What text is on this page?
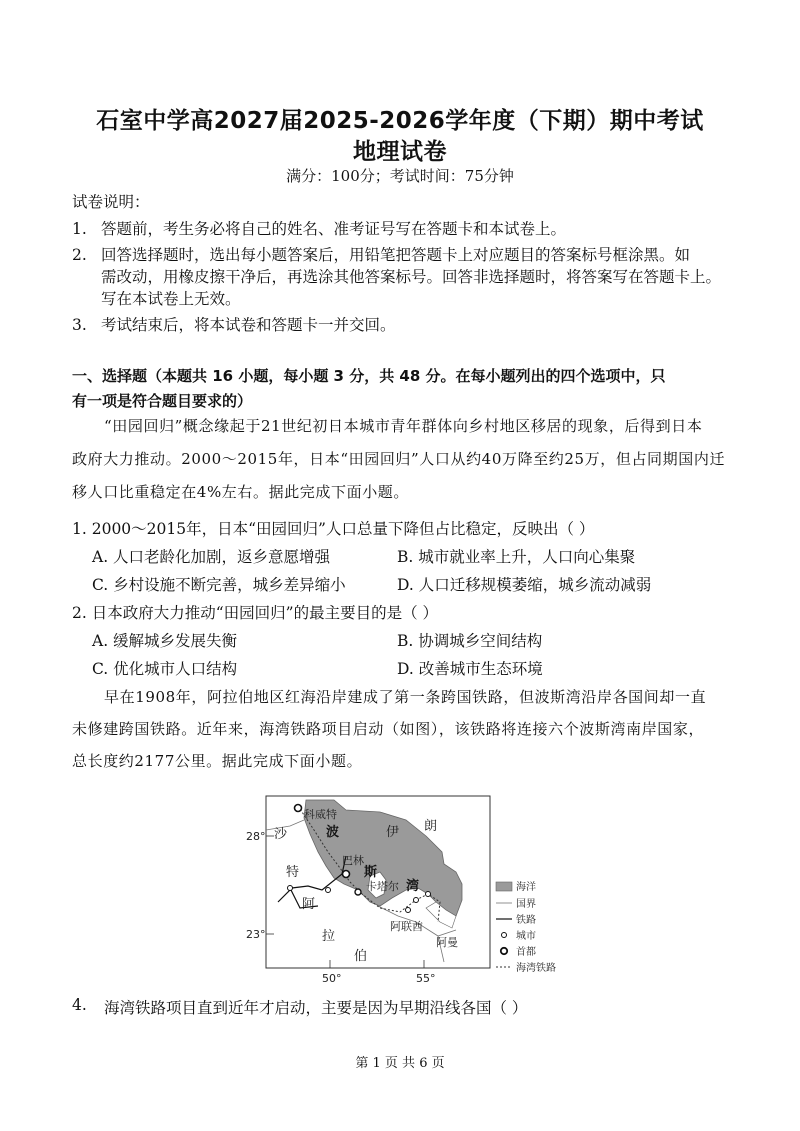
石室中学高2027届2025-2026学年度（下期）期中考试
地理试卷
满分：100分；考试时间：75分钟
试卷说明：
1. 答题前，考生务必将自己的姓名、准考证号写在答题卡和本试卷上。
2. 回答选择题时，选出每小题答案后，用铅笔把答题卡上对应题目的答案标号框涂黑。如
需改动，用橡皮擦干净后，再选涂其他答案标号。回答非选择题时，将答案写在答题卡上。
写在本试卷上无效。
3. 考试结束后，将本试卷和答题卡一并交回。
一、选择题（本题共 16 小题，每小题 3 分，共 48 分。在每小题列出的四个选项中，只
有一项是符合题目要求的）
“田园回归”概念缘起于21世纪初日本城市青年群体向乡村地区移居的现象，后得到日本
政府大力推动。2000～2015年，日本“田园回归”人口从约40万降至约25万，但占同期国内迁
移人口比重稳定在4%左右。据此完成下面小题。
1. 2000～2015年，日本“田园回归”人口总量下降但占比稳定，反映出（ ）
A. 人口老龄化加剧，返乡意愿增强	B. 城市就业率上升，人口向心集聚
C. 乡村设施不断完善，城乡差异缩小	D. 人口迁移规模萎缩，城乡流动减弱
2. 日本政府大力推动“田园回归”的最主要目的是（ ）
A. 缓解城乡发展失衡	B. 协调城乡空间结构
C. 优化城市人口结构	D. 改善城市生态环境
早在1908年，阿拉伯地区红海沿岸建成了第一条跨国铁路，但波斯湾沿岸各国间却一直
未修建跨国铁路。近年来，海湾铁路项目启动（如图），该铁路将连接六个波斯湾南岸国家，
总长度约2177公里。据此完成下面小题。
28°
23°
50°	55°
科威特
巴林
卡塔尔
阿联酋
阿曼
沙
特
阿
拉
伯
伊 朗
波
斯
湾	海洋
国界
铁路
城市
首都
海湾铁路
4. 海湾铁路项目直到近年才启动，主要是因为早期沿线各国（ ）
第 1 页 共 6 页
